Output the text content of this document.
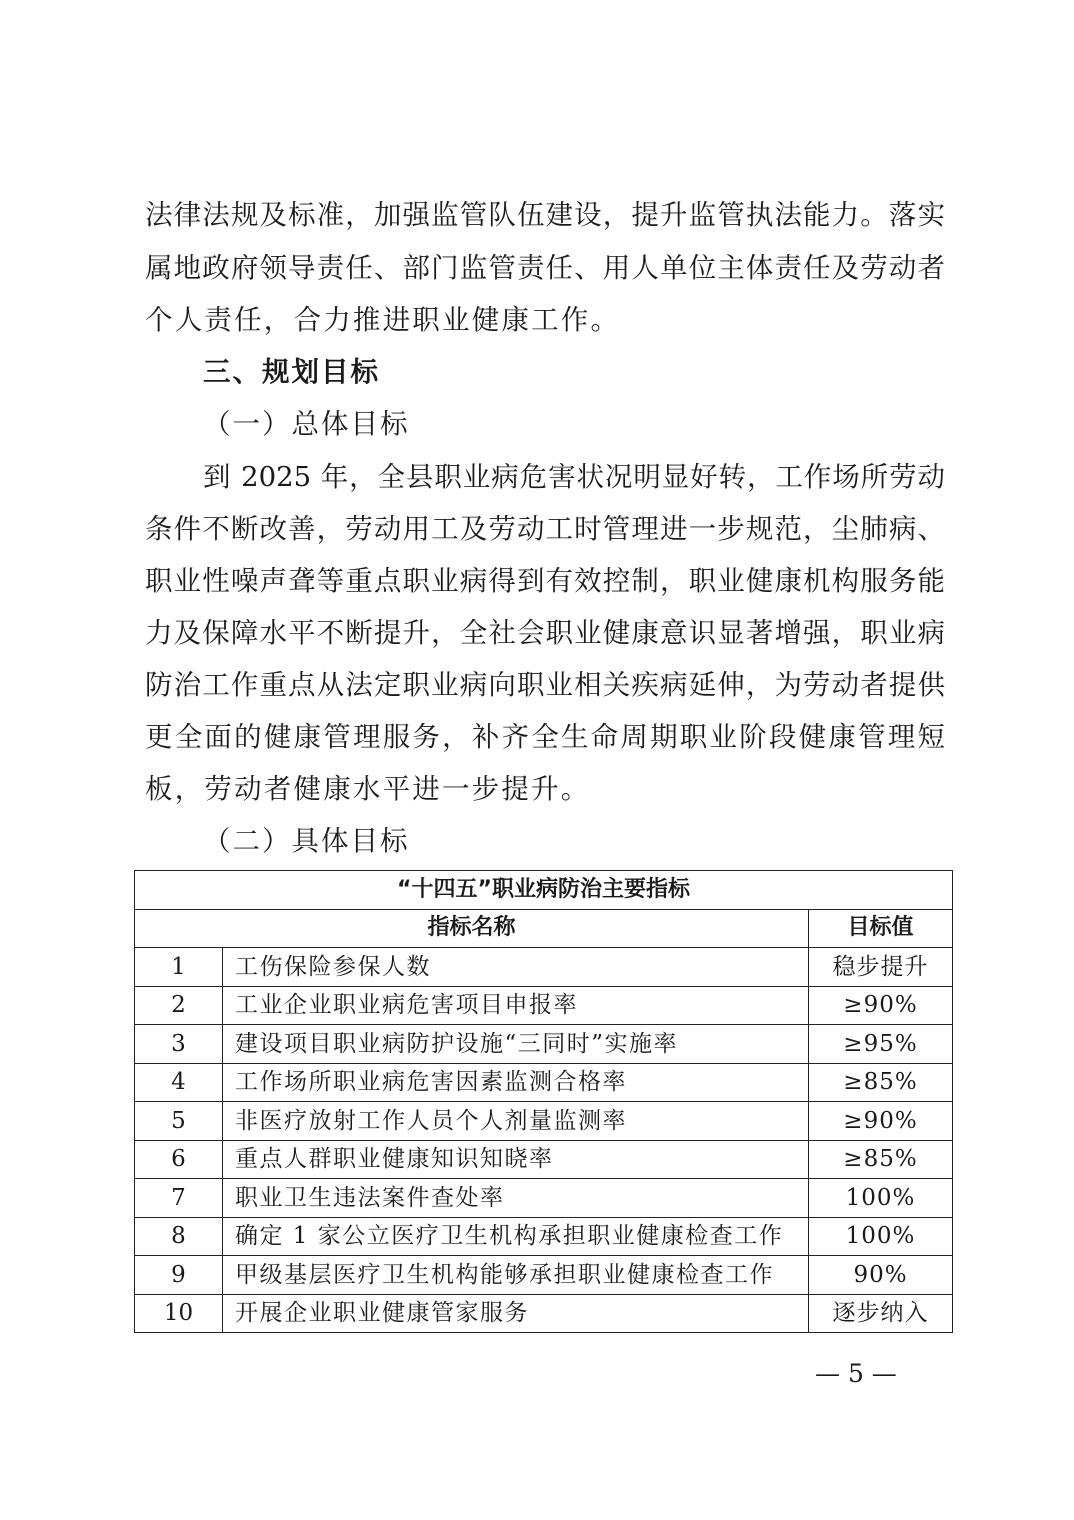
法律法规及标准，加强监管队伍建设，提升监管执法能力。落实
属地政府领导责任、部门监管责任、用人单位主体责任及劳动者
个人责任，合力推进职业健康工作。
三、规划目标
（一）总体目标
到 2025 年，全县职业病危害状况明显好转，工作场所劳动
条件不断改善，劳动用工及劳动工时管理进一步规范，尘肺病、
职业性噪声聋等重点职业病得到有效控制，职业健康机构服务能
力及保障水平不断提升，全社会职业健康意识显著增强，职业病
防治工作重点从法定职业病向职业相关疾病延伸，为劳动者提供
更全面的健康管理服务，补齐全生命周期职业阶段健康管理短
板，劳动者健康水平进一步提升。
（二）具体目标
“十四五”职业病防治主要指标		
指标名称		目标值
1	工伤保险参保人数	稳步提升
2	工业企业职业病危害项目申报率	≥90%
3	建设项目职业病防护设施“三同时”实施率	≥95%
4	工作场所职业病危害因素监测合格率	≥85%
5	非医疗放射工作人员个人剂量监测率	≥90%
6	重点人群职业健康知识知晓率	≥85%
7	职业卫生违法案件查处率	100%
8	确定 1 家公立医疗卫生机构承担职业健康检查工作	100%
9	甲级基层医疗卫生机构能够承担职业健康检查工作	90%
10	开展企业职业健康管家服务	逐步纳入
— 5 —
